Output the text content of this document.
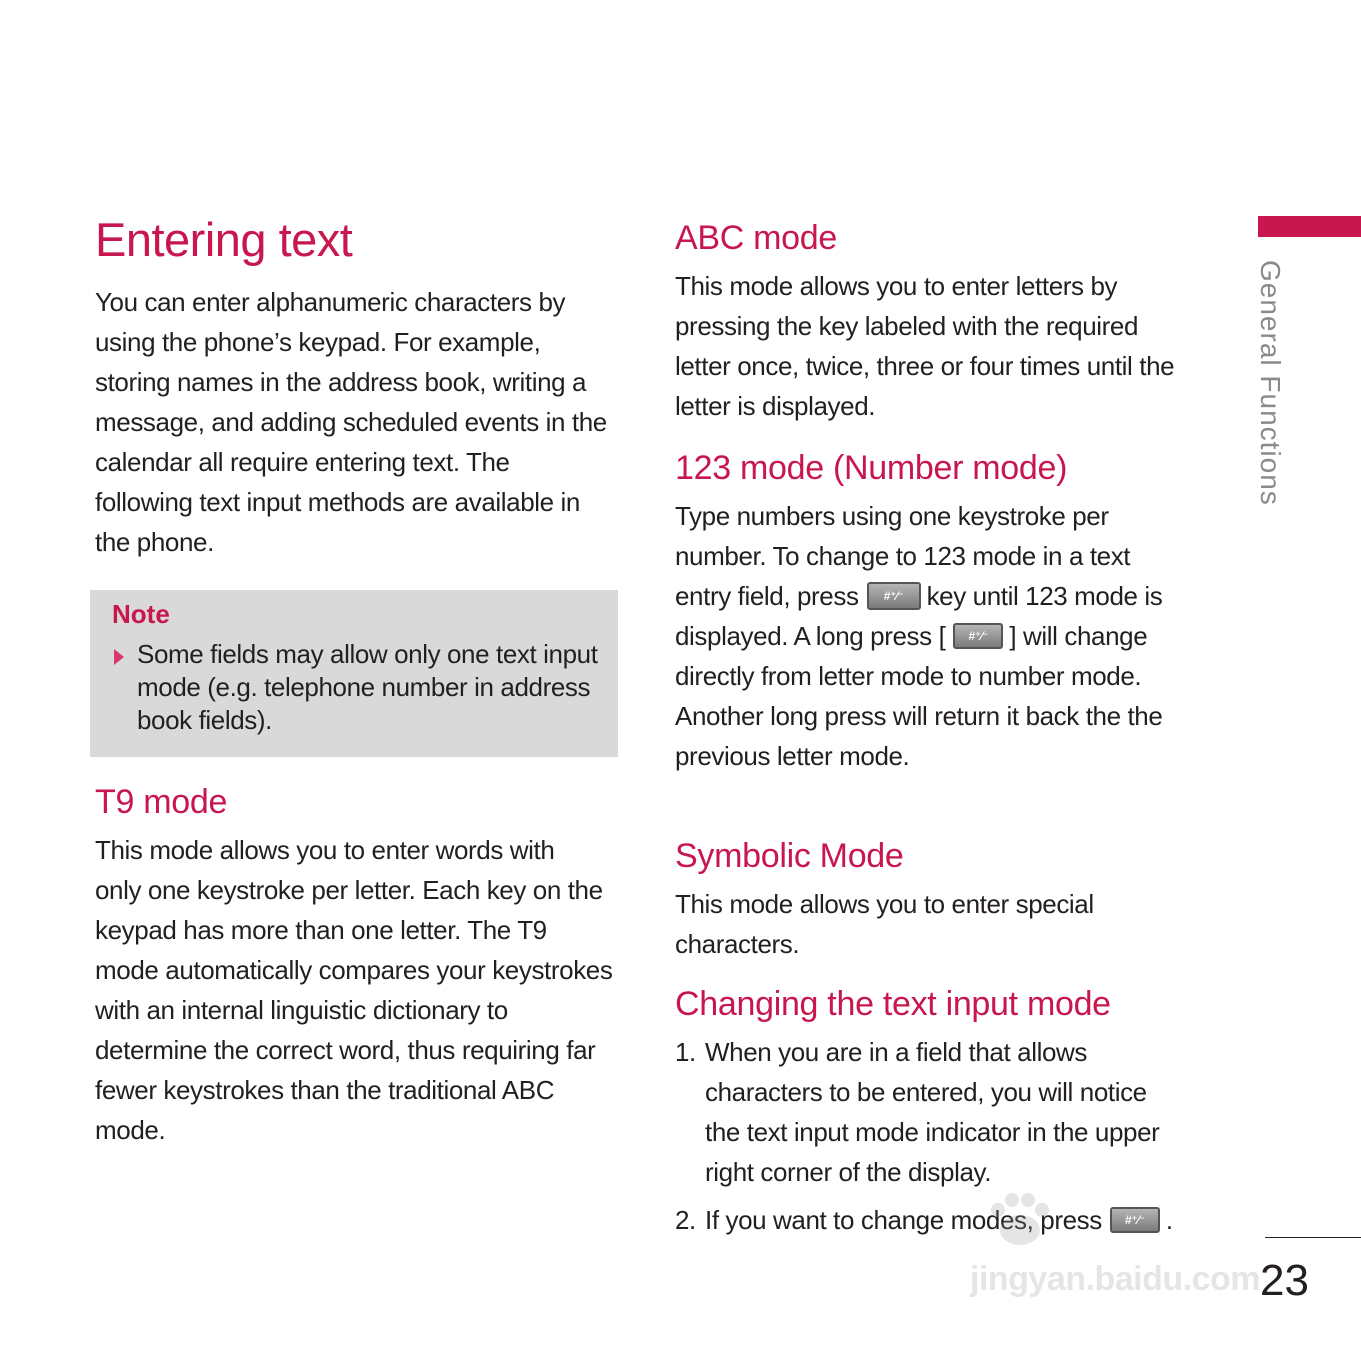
Entering text

You can enter alphanumeric characters by

using the phone’s keypad. For example,

storing names in the address book, writing a

message, and adding scheduled events in the

calendar all require entering text. The

following text input methods are available in

the phone.

Note

Some fields may allow only one text input

mode (e.g. telephone number in address

book fields).

T9 mode

This mode allows you to enter words with

only one keystroke per letter. Each key on the

keypad has more than one letter. The T9

mode automatically compares your keystrokes

with an internal linguistic dictionary to

determine the correct word, thus requiring far

fewer keystrokes than the traditional ABC

mode.

ABC mode

This mode allows you to enter letters by

pressing the key labeled with the required

letter once, twice, three or four times until the

letter is displayed.

123 mode (Number mode)

Type numbers using one keystroke per

number. To change to 123 mode in a text

entry field, press #⁺⁄⁻ key until 123 mode is

displayed. A long press [ #⁺⁄⁻ ] will change

directly from letter mode to number mode.

Another long press will return it back the the

previous letter mode.

Symbolic Mode

This mode allows you to enter special

characters.

Changing the text input mode
1. When you are in a field that allows
characters to be entered, you will notice
the text input mode indicator in the upper
right corner of the display.
2. If you want to change modes, press #⁺⁄⁻ .
General Functions
jingyan.baidu.com 23
